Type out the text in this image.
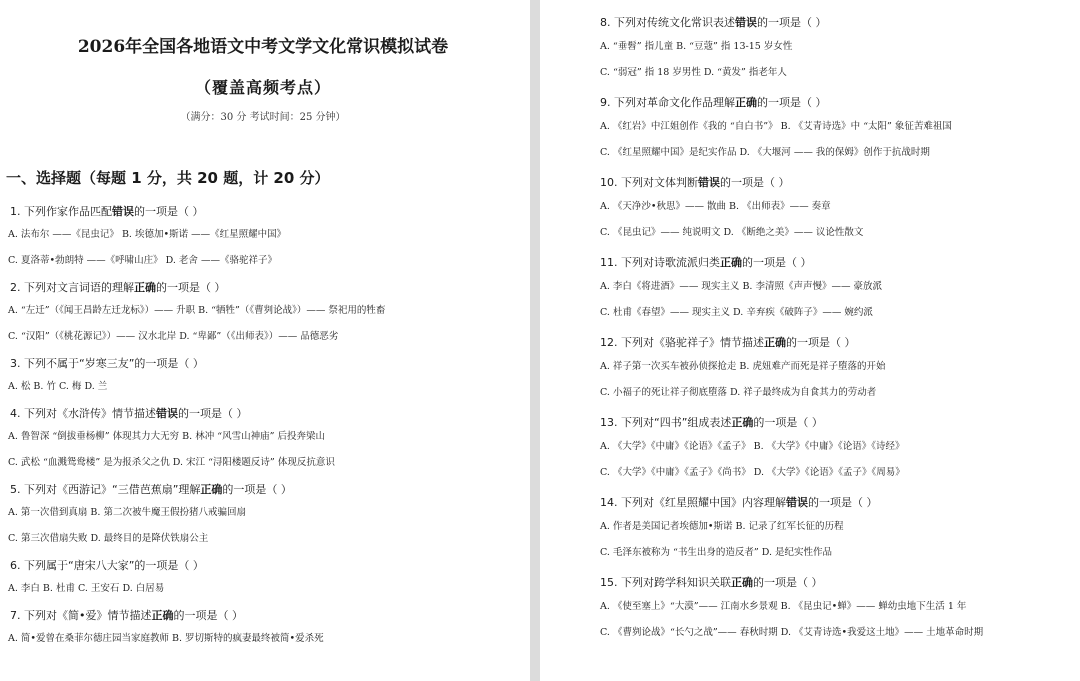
2026年全国各地语文中考文学文化常识模拟试卷
（覆盖高频考点）
（满分：30 分 考试时间：25 分钟）
一、选择题（每题 1 分，共 20 题，计 20 分）
1. 下列作家作品匹配错误的一项是（ ）
A. 法布尔 ——《昆虫记》 B. 埃德加•斯诺 ——《红星照耀中国》
C. 夏洛蒂•勃朗特 ——《呼啸山庄》 D. 老舍 ——《骆驼祥子》
2. 下列对文言词语的理解正确的一项是（ ）
A. “左迁”（《闻王昌龄左迁龙标》）—— 升职 B. “牺牲”（《曹刿论战》）—— 祭祀用的牲畜
C. “汉阳”（《桃花源记》）—— 汉水北岸 D. “卑鄙”（《出师表》）—— 品德恶劣
3. 下列不属于“岁寒三友”的一项是（ ）
A. 松 B. 竹 C. 梅 D. 兰
4. 下列对《水浒传》情节描述错误的一项是（ ）
A. 鲁智深 “倒拔垂杨柳” 体现其力大无穷 B. 林冲 “风雪山神庙” 后投奔梁山
C. 武松 “血溅鸳鸯楼” 是为报杀父之仇 D. 宋江 “浔阳楼题反诗” 体现反抗意识
5. 下列对《西游记》“三借芭蕉扇”理解正确的一项是（ ）
A. 第一次借到真扇 B. 第二次被牛魔王假扮猪八戒骗回扇
C. 第三次借扇失败 D. 最终目的是降伏铁扇公主
6. 下列属于“唐宋八大家”的一项是（ ）
A. 李白 B. 杜甫 C. 王安石 D. 白居易
7. 下列对《简•爱》情节描述正确的一项是（ ）
A. 简•爱曾在桑菲尔德庄园当家庭教师 B. 罗切斯特的疯妻最终被简•爱杀死
8. 下列对传统文化常识表述错误的一项是（ ）
A. “垂髫” 指儿童 B. “豆蔻” 指 13-15 岁女性
C. “弱冠” 指 18 岁男性 D. “黄发” 指老年人
9. 下列对革命文化作品理解正确的一项是（ ）
A. 《红岩》中江姐创作《我的 “自白书”》 B. 《艾青诗选》中 “太阳” 象征苦难祖国
C. 《红星照耀中国》是纪实作品 D. 《大堰河 —— 我的保姆》创作于抗战时期
10. 下列对文体判断错误的一项是（ ）
A. 《天净沙•秋思》—— 散曲 B. 《出师表》—— 奏章
C. 《昆虫记》—— 纯说明文 D. 《断绝之美》—— 议论性散文
11. 下列对诗歌流派归类正确的一项是（ ）
A. 李白《将进酒》—— 现实主义 B. 李清照《声声慢》—— 豪放派
C. 杜甫《春望》—— 现实主义 D. 辛弃疾《破阵子》—— 婉约派
12. 下列对《骆驼祥子》情节描述正确的一项是（ ）
A. 祥子第一次买车被孙侦探抢走 B. 虎妞难产而死是祥子堕落的开始
C. 小福子的死让祥子彻底堕落 D. 祥子最终成为自食其力的劳动者
13. 下列对“四书”组成表述正确的一项是（ ）
A. 《大学》《中庸》《论语》《孟子》 B. 《大学》《中庸》《论语》《诗经》
C. 《大学》《中庸》《孟子》《尚书》 D. 《大学》《论语》《孟子》《周易》
14. 下列对《红星照耀中国》内容理解错误的一项是（ ）
A. 作者是美国记者埃德加•斯诺 B. 记录了红军长征的历程
C. 毛泽东被称为 “书生出身的造反者” D. 是纪实性作品
15. 下列对跨学科知识关联正确的一项是（ ）
A. 《使至塞上》“大漠”—— 江南水乡景观 B. 《昆虫记•蝉》—— 蝉幼虫地下生活 1 年
C. 《曹刿论战》“长勺之战”—— 春秋时期 D. 《艾青诗选•我爱这土地》—— 土地革命时期
